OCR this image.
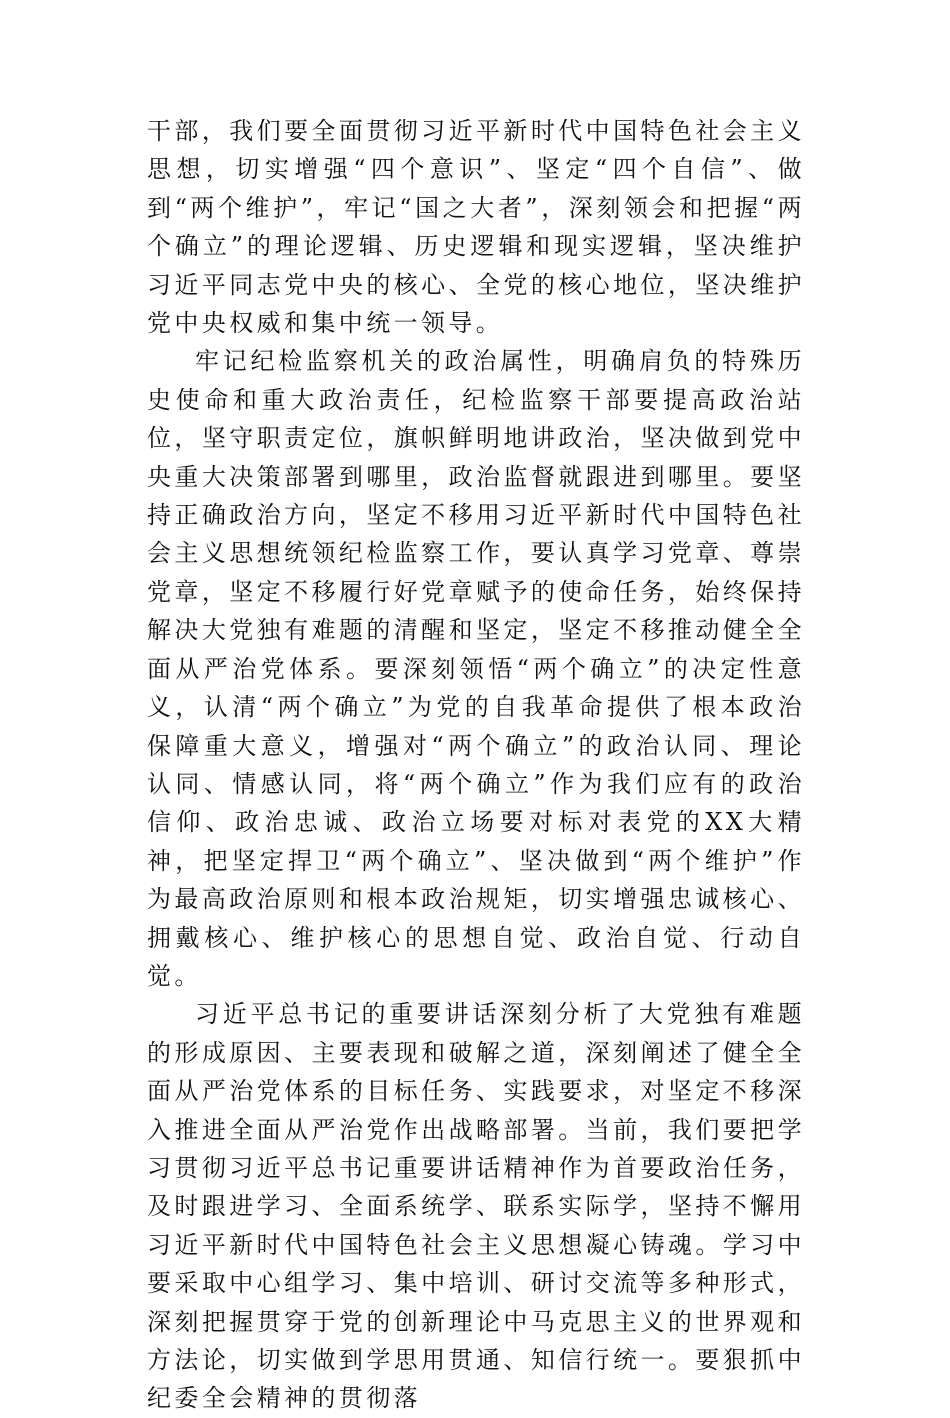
干部，我们要全面贯彻习近平新时代中国特色社会主义思想，切实增强“四个意识”、坚定“四个自信”、做到“两个维护”，牢记“国之大者”，深刻领会和把握“两个确立”的理论逻辑、历史逻辑和现实逻辑，坚决维护习近平同志党中央的核心、全党的核心地位，坚决维护党中央权威和集中统一领导。

牢记纪检监察机关的政治属性，明确肩负的特殊历史使命和重大政治责任，纪检监察干部要提高政治站位，坚守职责定位，旗帜鲜明地讲政治，坚决做到党中央重大决策部署到哪里，政治监督就跟进到哪里。要坚持正确政治方向，坚定不移用习近平新时代中国特色社会主义思想统领纪检监察工作，要认真学习党章、尊崇党章，坚定不移履行好党章赋予的使命任务，始终保持解决大党独有难题的清醒和坚定，坚定不移推动健全全面从严治党体系。要深刻领悟“两个确立”的决定性意义，认清“两个确立”为党的自我革命提供了根本政治保障重大意义，增强对“两个确立”的政治认同、理论认同、情感认同，将“两个确立”作为我们应有的政治信仰、政治忠诚、政治立场要对标对表党的XX大精神，把坚定捍卫“两个确立”、坚决做到“两个维护”作为最高政治原则和根本政治规矩，切实增强忠诚核心、拥戴核心、维护核心的思想自觉、政治自觉、行动自觉。

习近平总书记的重要讲话深刻分析了大党独有难题的形成原因、主要表现和破解之道，深刻阐述了健全全面从严治党体系的目标任务、实践要求，对坚定不移深入推进全面从严治党作出战略部署。当前，我们要把学习贯彻习近平总书记重要讲话精神作为首要政治任务，及时跟进学习、全面系统学、联系实际学，坚持不懈用习近平新时代中国特色社会主义思想凝心铸魂。学习中要采取中心组学习、集中培训、研讨交流等多种形式，深刻把握贯穿于党的创新理论中马克思主义的世界观和方法论，切实做到学思用贯通、知信行统一。要狠抓中纪委全会精神的贯彻落
